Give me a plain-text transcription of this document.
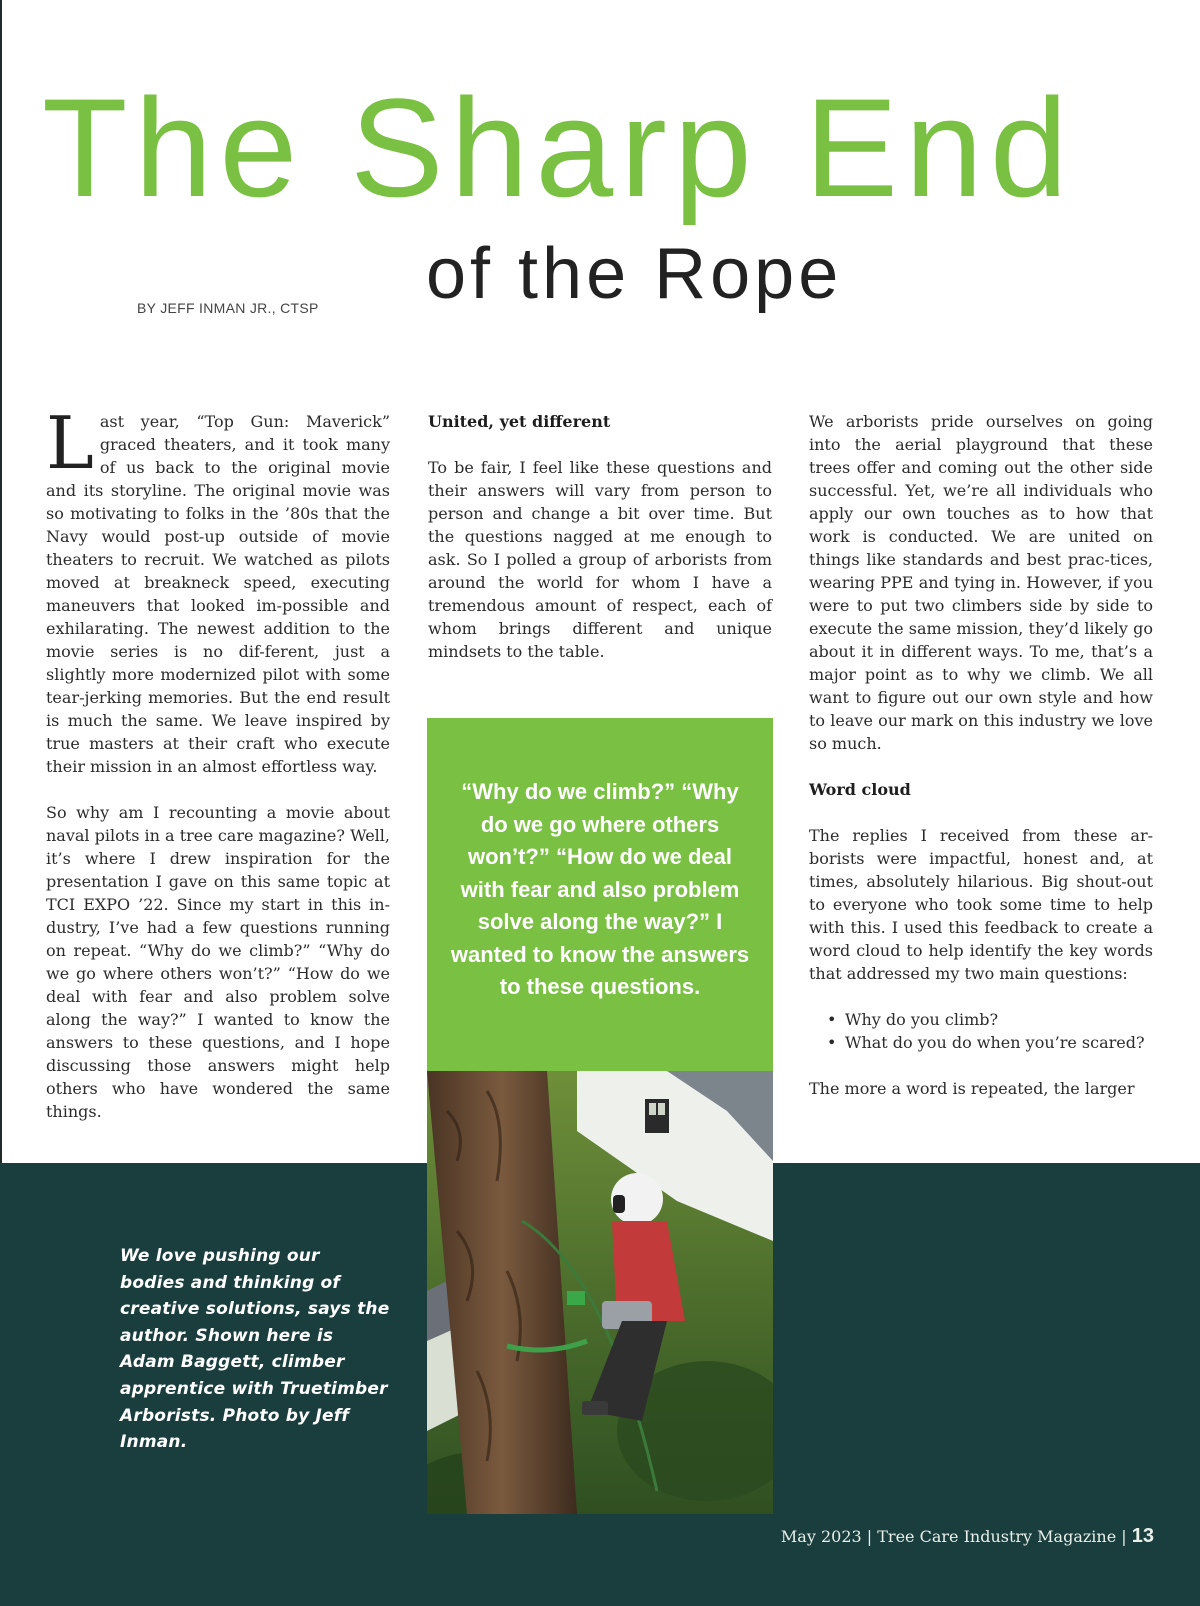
The Sharp End
of the Rope
BY JEFF INMAN JR., CTSP

Last year, “Top Gun: Maverick” graced theaters, and it took many of us back to the original movie and its storyline. The original movie was so motivating to folks in the ’80s that the Navy would post-up outside of movie theaters to recruit. We watched as pilots moved at breakneck speed, executing maneuvers that looked im-possible and exhilarating. The newest addition to the movie series is no dif-ferent, just a slightly more modernized pilot with some tear-jerking memories. But the end result is much the same. We leave inspired by true masters at their craft who execute their mission in an almost effortless way.

So why am I recounting a movie about naval pilots in a tree care magazine? Well, it’s where I drew inspiration for the presentation I gave on this same topic at TCI EXPO ’22. Since my start in this in-dustry, I’ve had a few questions running on repeat. “Why do we climb?” “Why do we go where others won’t?” “How do we deal with fear and also problem solve along the way?” I wanted to know the answers to these questions, and I hope discussing those answers might help others who have wondered the same things.

United, yet different

To be fair, I feel like these questions and their answers will vary from person to person and change a bit over time. But the questions nagged at me enough to ask. So I polled a group of arborists from around the world for whom I have a tremendous amount of respect, each of whom brings different and unique mindsets to the table.

“Why do we climb?” “Why do we go where others won’t?” “How do we deal with fear and also problem solve along the way?” I wanted to know the answers to these questions.

We arborists pride ourselves on going into the aerial playground that these trees offer and coming out the other side successful. Yet, we’re all individuals who apply our own touches as to how that work is conducted. We are united on things like standards and best prac-tices, wearing PPE and tying in. However, if you were to put two climbers side by side to execute the same mission, they’d likely go about it in different ways. To me, that’s a major point as to why we climb. We all want to figure out our own style and how to leave our mark on this industry we love so much.

Word cloud

The replies I received from these ar-borists were impactful, honest and, at times, absolutely hilarious. Big shout-out to everyone who took some time to help with this. I used this feedback to create a word cloud to help identify the key words that addressed my two main questions:

• Why do you climb?
• What do you do when you’re scared?

The more a word is repeated, the larger

We love pushing our bodies and thinking of creative solutions, says the author. Shown here is Adam Baggett, climber apprentice with Truetimber Arborists. Photo by Jeff Inman.
May 2023 | Tree Care Industry Magazine | 13
